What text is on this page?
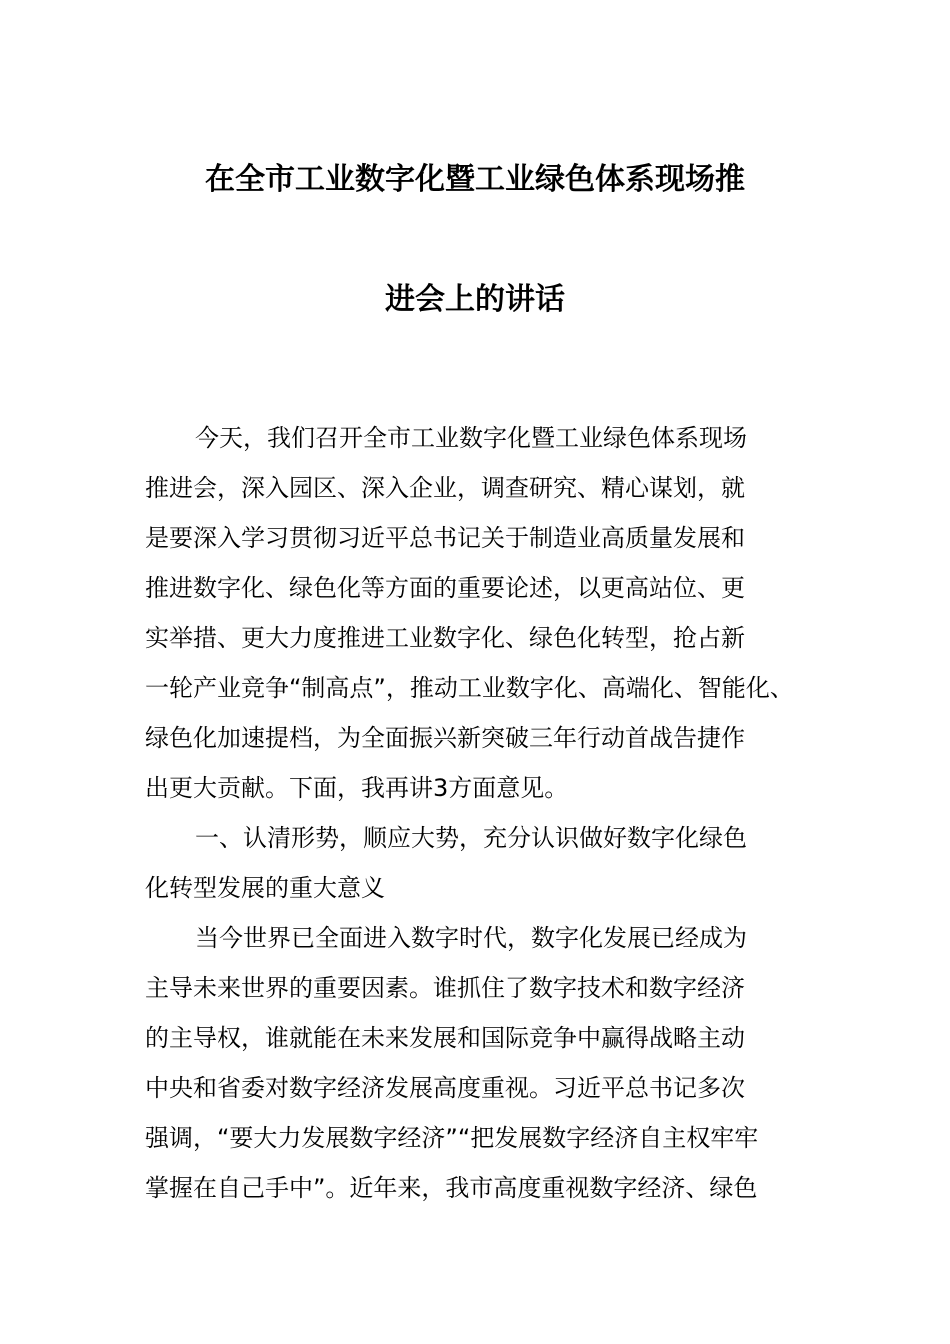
在全市工业数字化暨工业绿色体系现场推
进会上的讲话
今天，我们召开全市工业数字化暨工业绿色体系现场
推进会，深入园区、深入企业，调查研究、精心谋划，就
是要深入学习贯彻习近平总书记关于制造业高质量发展和
推进数字化、绿色化等方面的重要论述，以更高站位、更
实举措、更大力度推进工业数字化、绿色化转型，抢占新
一轮产业竞争“制高点”，推动工业数字化、高端化、智能化、
绿色化加速提档，为全面振兴新突破三年行动首战告捷作
出更大贡献。下面，我再讲3方面意见。
一、认清形势，顺应大势，充分认识做好数字化绿色
化转型发展的重大意义
当今世界已全面进入数字时代，数字化发展已经成为
主导未来世界的重要因素。谁抓住了数字技术和数字经济
的主导权，谁就能在未来发展和国际竞争中赢得战略主动
中央和省委对数字经济发展高度重视。习近平总书记多次
强调，“要大力发展数字经济”“把发展数字经济自主权牢牢
掌握在自己手中”。近年来，我市高度重视数字经济、绿色
